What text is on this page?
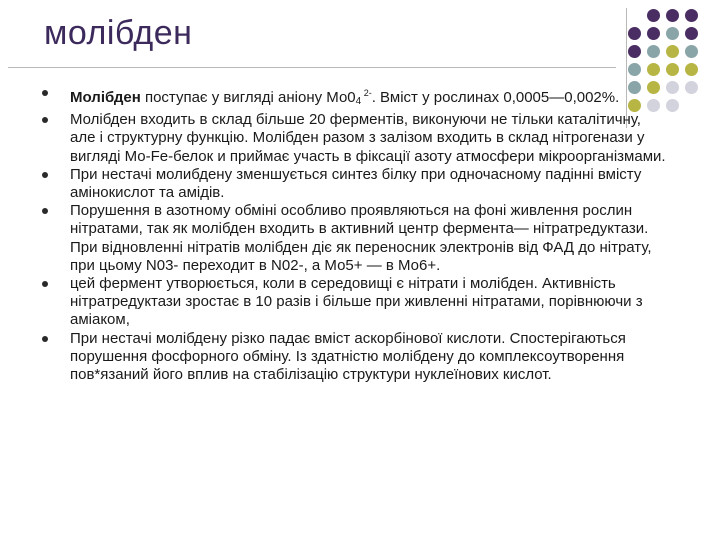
молібден
Молібден поступає у вигляді аніону $Мо0_4$ $^{2-}$. Вміст у рослинах 0,0005—0,002%.
Молібден входить в склад більше 20 ферментів, виконуючи не тільки каталітичну, але і структурну функцію. Молібден разом з залізом входить в склад нітрогенази у вигляді Мо-Fe-белок и приймає участь в фіксації азоту атмосфери мікроорганізмами.
При нестачі молибдену зменшується синтез білку при одночасному падінні вмісту амінокислот та амідів.
Порушення в азотному обміні особливо проявляються на фоні живлення рослин нітратами, так як молібден входить в активний центр фермента— нітратредуктази. При відновленні нітратів молібден діє як переносник электронів від ФАД до нітрату, при цьому N03- переходит в N02-, а Мо5+ — в Мо6+.
цей фермент утворюється, коли в середовищі є нітрати і молібден. Активність нітратредуктази зростає в 10 разів і більше при живленні нітратами, порівнюючи з аміаком,
При нестачі молібдену різко падає вміст аскорбінової кислоти. Спостерігаються порушення фосфорного обміну. Із здатністю молібдену до комплексоутворення пов*язаний його вплив на стабілізацію структури нуклеїнових кислот.
